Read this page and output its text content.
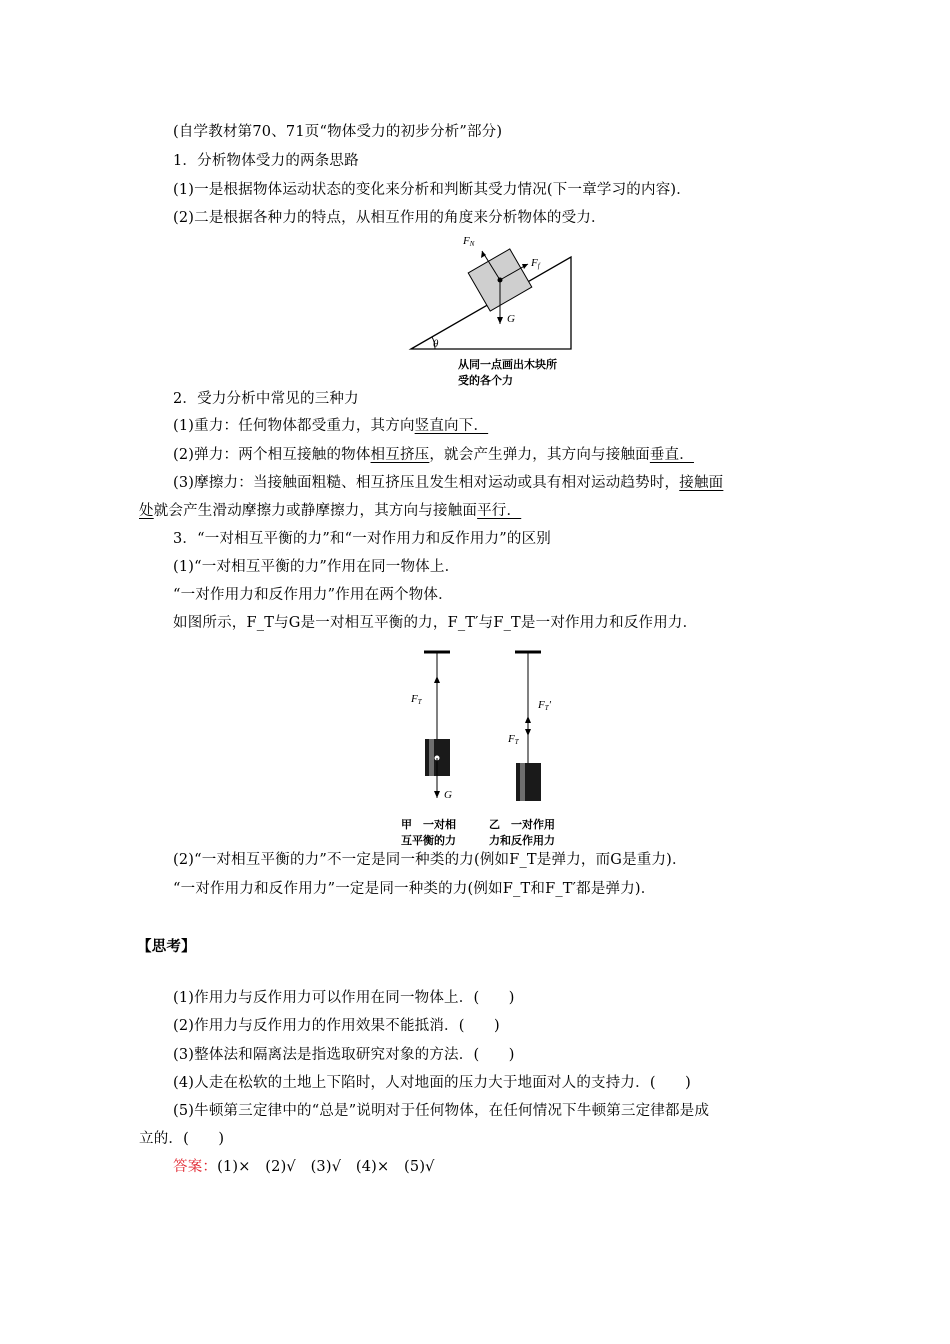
(自学教材第70、71页“物体受力的初步分析”部分)
1．分析物体受力的两条思路
(1)一是根据物体运动状态的变化来分析和判断其受力情况(下一章学习的内容)．
(2)二是根据各种力的特点，从相互作用的角度来分析物体的受力．
θ
FN
Ff
G
从同一点画出木块所
受的各个力
2．受力分析中常见的三种力
(1)重力：任何物体都受重力，其方向竖直向下．
(2)弹力：两个相互接触的物体相互挤压，就会产生弹力，其方向与接触面垂直．
(3)摩擦力：当接触面粗糙、相互挤压且发生相对运动或具有相对运动趋势时，接触面
处就会产生滑动摩擦力或静摩擦力，其方向与接触面平行．
3．“一对相互平衡的力”和“一对作用力和反作用力”的区别
(1)“一对相互平衡的力”作用在同一物体上．
“一对作用力和反作用力”作用在两个物体．
如图所示，F_T与G是一对相互平衡的力，F_T′与F_T是一对作用力和反作用力．
FT
G
FT′
FT
甲　一对相
互平衡的力
乙　一对作用
力和反作用力
(2)“一对相互平衡的力”不一定是同一种类的力(例如F_T是弹力，而G是重力)．
“一对作用力和反作用力”一定是同一种类的力(例如F_T和F_T′都是弹力)．
【思考】
(1)作用力与反作用力可以作用在同一物体上．(　　)
(2)作用力与反作用力的作用效果不能抵消．(　　)
(3)整体法和隔离法是指选取研究对象的方法．(　　)
(4)人走在松软的土地上下陷时，人对地面的压力大于地面对人的支持力．(　　)
(5)牛顿第三定律中的“总是”说明对于任何物体，在任何情况下牛顿第三定律都是成
立的．(　　)
答案：(1)×　(2)√　(3)√　(4)×　(5)√
